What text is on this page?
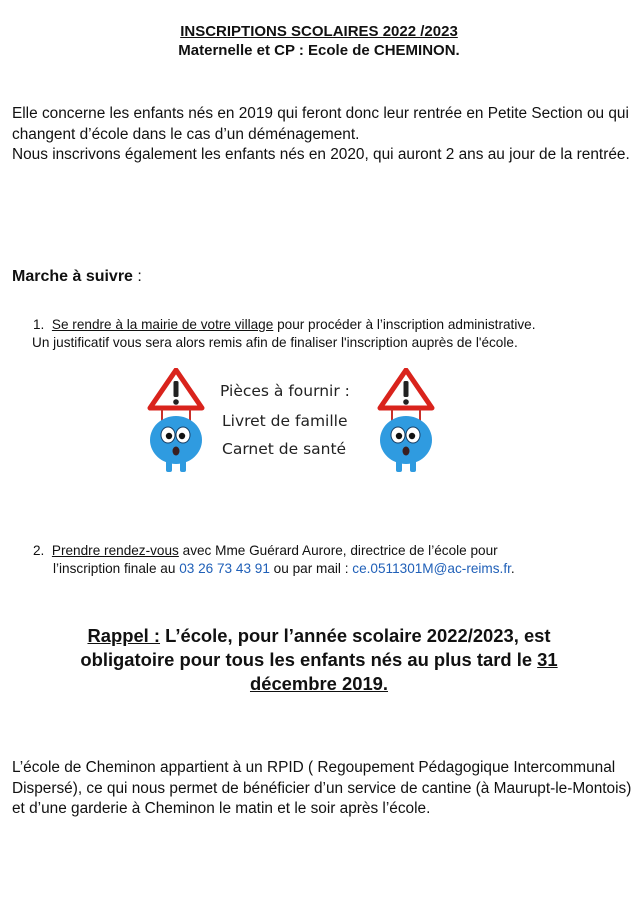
INSCRIPTIONS SCOLAIRES 2022 /2023
Maternelle et CP : Ecole de CHEMINON.
Elle concerne les enfants nés en 2019 qui feront donc leur rentrée en Petite Section ou qui changent d’école dans le cas d’un déménagement.
Nous inscrivons également les enfants nés en 2020, qui auront 2 ans au jour de la rentrée.
Marche à suivre :
1. Se rendre à la mairie de votre village pour procéder à l’inscription administrative.
Un justificatif vous sera alors remis afin de finaliser l'inscription auprès de l'école.
Pièces à fournir :
Livret de famille
Carnet de santé
2. Prendre rendez-vous avec Mme Guérard Aurore, directrice de l’école pour
l’inscription finale au 03 26 73 43 91 ou par mail : ce.0511301M@ac-reims.fr.
Rappel : L’école, pour l’année scolaire 2022/2023, est obligatoire pour tous les enfants nés au plus tard le 31 décembre 2019.
L’école de Cheminon appartient à un RPID ( Regoupement Pédagogique Intercommunal Dispersé), ce qui nous permet de bénéficier d’un service de cantine (à Maurupt-le-Montois) et d’une garderie à Cheminon le matin et le soir après l’école.
